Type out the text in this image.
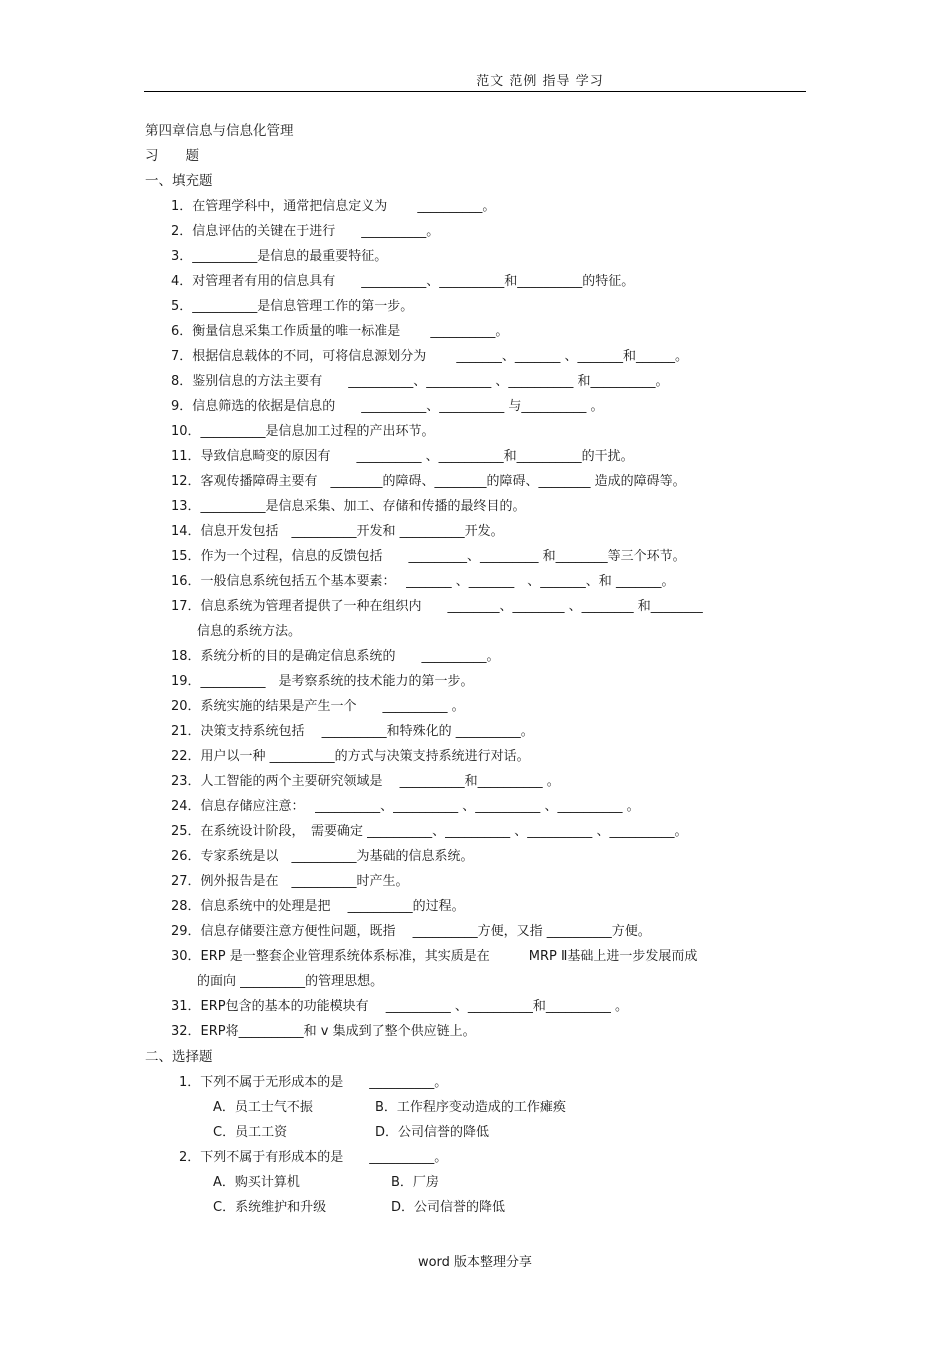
范文 范例 指导 学习
第四章信息与信息化管理
习　　题
一、填充题
1．在管理学科中，通常把信息定义为　　 __________。
2．信息评估的关键在于进行　　__________。
3．__________是信息的最重要特征。
4．对管理者有用的信息具有　　__________、__________和__________的特征。
5．__________是信息管理工作的第一步。
6．衡量信息采集工作质量的唯一标准是　　 __________。
7．根据信息载体的不同，可将信息源划分为　　 _______、_______ 、_______和______。
8．鉴别信息的方法主要有　　__________、__________ 、__________ 和__________。
9．信息筛选的依据是信息的　　__________、__________ 与__________ 。
10．__________是信息加工过程的产出环节。
11．导致信息畸变的原因有　　__________ 、__________和__________的干扰。
12．客观传播障碍主要有　________的障碍、________的障碍、________ 造成的障碍等。
13．__________是信息采集、加工、存储和传播的最终目的。
14．信息开发包括　__________开发和 __________开发。
15．作为一个过程，信息的反馈包括　　_________、_________ 和________等三个环节。
16．一般信息系统包括五个基本要素：　 _______ 、_______　、_______、和 _______。
17．信息系统为管理者提供了一种在组织内　　________、________ 、________ 和________
信息的系统方法。
18．系统分析的目的是确定信息系统的　　__________。
19．__________　是考察系统的技术能力的第一步。
20．系统实施的结果是产生一个　　__________ 。
21．决策支持系统包括　 __________和特殊化的 __________。
22．用户以一种 __________的方式与决策支持系统进行对话。
23．人工智能的两个主要研究领域是　 __________和__________ 。
24．信息存储应注意：　 __________、__________ 、__________ 、__________ 。
25．在系统设计阶段，　需要确定 __________、__________ 、__________ 、__________。
26．专家系统是以　__________为基础的信息系统。
27．例外报告是在　__________时产生。
28．信息系统中的处理是把　 __________的过程。
29．信息存储要注意方便性问题，既指　 __________方便，又指 __________方便。
30．ERP 是一整套企业管理系统体系标准，其实质是在　　　MRP Ⅱ基础上进一步发展而成
的面向 __________的管理思想。
31．ERP包含的基本的功能模块有　 __________ 、__________和__________ 。
32．ERP将__________和 v 集成到了整个供应链上。
二、选择题
1．下列不属于无形成本的是　　__________。
A．员工士气不振	B．工作程序变动造成的工作瘫痪
C．员工工资	D．公司信誉的降低
2．下列不属于有形成本的是　　__________。
A．购买计算机	B．厂房
C．系统维护和升级	D．公司信誉的降低
word 版本整理分享
